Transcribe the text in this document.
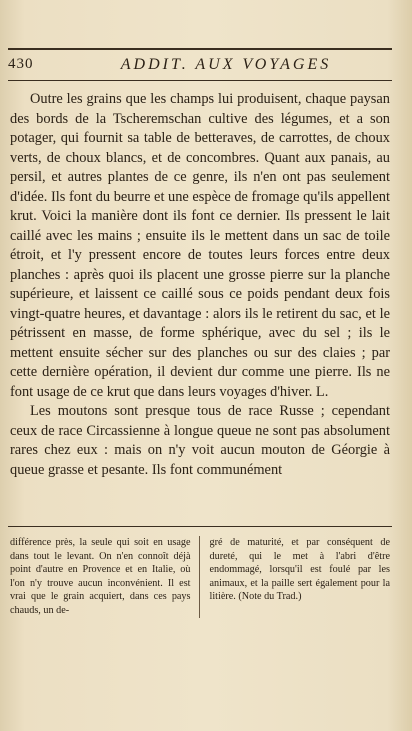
430	ADDIT. AUX VOYAGES

Outre les grains que les champs lui produisent, chaque paysan des bords de la Tscheremschan cultive des légumes, et a son potager, qui fournit sa table de betteraves, de carrottes, de choux verts, de choux blancs, et de concombres. Quant aux panais, au persil, et autres plantes de ce genre, ils n'en ont pas seulement d'idée. Ils font du beurre et une espèce de fromage qu'ils appellent krut. Voici la manière dont ils font ce dernier. Ils pressent le lait caillé avec les mains ; ensuite ils le mettent dans un sac de toile étroit, et l'y pressent encore de toutes leurs forces entre deux planches : après quoi ils placent une grosse pierre sur la planche supérieure, et laissent ce caillé sous ce poids pendant deux fois vingt-quatre heures, et davantage : alors ils le retirent du sac, et le pétrissent en masse, de forme sphérique, avec du sel ; ils le mettent ensuite sécher sur des planches ou sur des claies ; par cette dernière opération, il devient dur comme une pierre. Ils ne font usage de ce krut que dans leurs voyages d'hiver. L.

Les moutons sont presque tous de race Russe ; cependant ceux de race Circassienne à longue queue ne sont pas absolument rares chez eux : mais on n'y voit aucun mouton de Géorgie à queue grasse et pesante. Ils font communément

différence près, la seule qui soit en usage dans tout le levant. On n'en connoît déjà point d'autre en Provence et en Italie, où l'on n'y trouve aucun inconvénient. Il est vrai que le grain acquiert, dans ces pays chauds, un de-
gré de maturité, et par conséquent de dureté, qui le met à l'abri d'être endommagé, lorsqu'il est foulé par les animaux, et la paille sert également pour la litière. (Note du Trad.)
